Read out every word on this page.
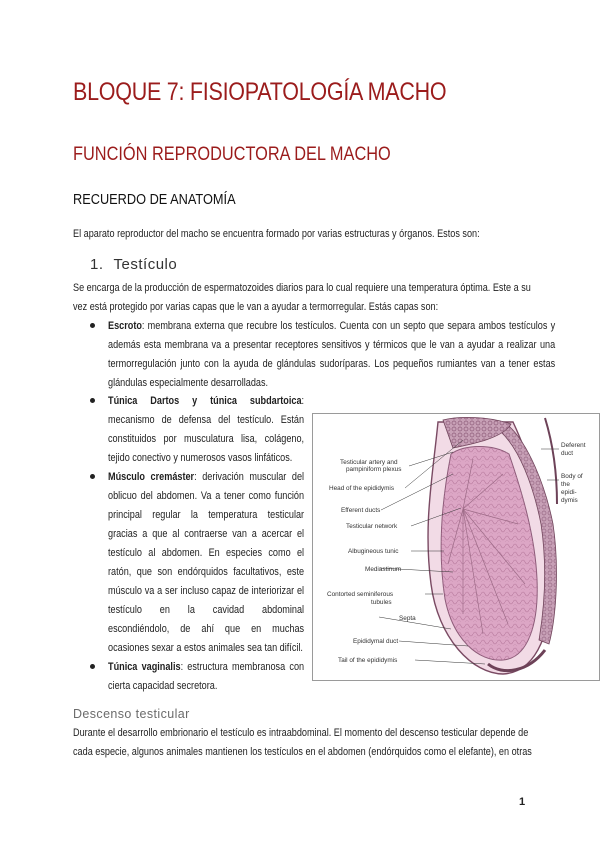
BLOQUE 7: FISIOPATOLOGÍA MACHO
FUNCIÓN REPRODUCTORA DEL MACHO
RECUERDO DE ANATOMÍA

El aparato reproductor del macho se encuentra formado por varias estructuras y órganos. Estos son:

1. Testículo

Se encarga de la producción de espermatozoides diarios para lo cual requiere una temperatura óptima. Este a su vez está protegido por varias capas que le van a ayudar a termorregular. Estás capas son:

Escroto: membrana externa que recubre los testículos. Cuenta con un septo que separa ambos testículos y además esta membrana va a presentar receptores sensitivos y térmicos que le van a ayudar a realizar una termorregulación junto con la ayuda de glándulas sudoríparas. Los pequeños rumiantes van a tener estas glándulas especialmente desarrolladas.

Túnica Dartos y túnica subdartoica: mecanismo de defensa del testículo. Están constituidos por musculatura lisa, colágeno, tejido conectivo y numerosos vasos linfáticos.

Músculo cremáster: derivación muscular del oblicuo del abdomen. Va a tener como función principal regular la temperatura testicular gracias a que al contraerse van a acercar el testículo al abdomen. En especies como el ratón, que son endórquidos facultativos, este músculo va a ser incluso capaz de interiorizar el testículo en la cavidad abdominal escondiéndolo, de ahí que en muchas ocasiones sexar a estos animales sea tan difícil.

Túnica vaginalis: estructura membranosa con cierta capacidad secretora.

Testicular artery and
pampiniform plexus
Head of the epididymis
Efferent ducts
Testicular network
Albugineous tunic
Mediastinum
Contorted seminiferous
tubules
Septa
Epididymal duct
Tail of the epididymis
Deferent
duct
Body of
the
epidi-
dymis
Descenso testicular

Durante el desarrollo embrionario el testículo es intraabdominal. El momento del descenso testicular depende de cada especie, algunos animales mantienen los testículos en el abdomen (endórquidos como el elefante), en otras

1
